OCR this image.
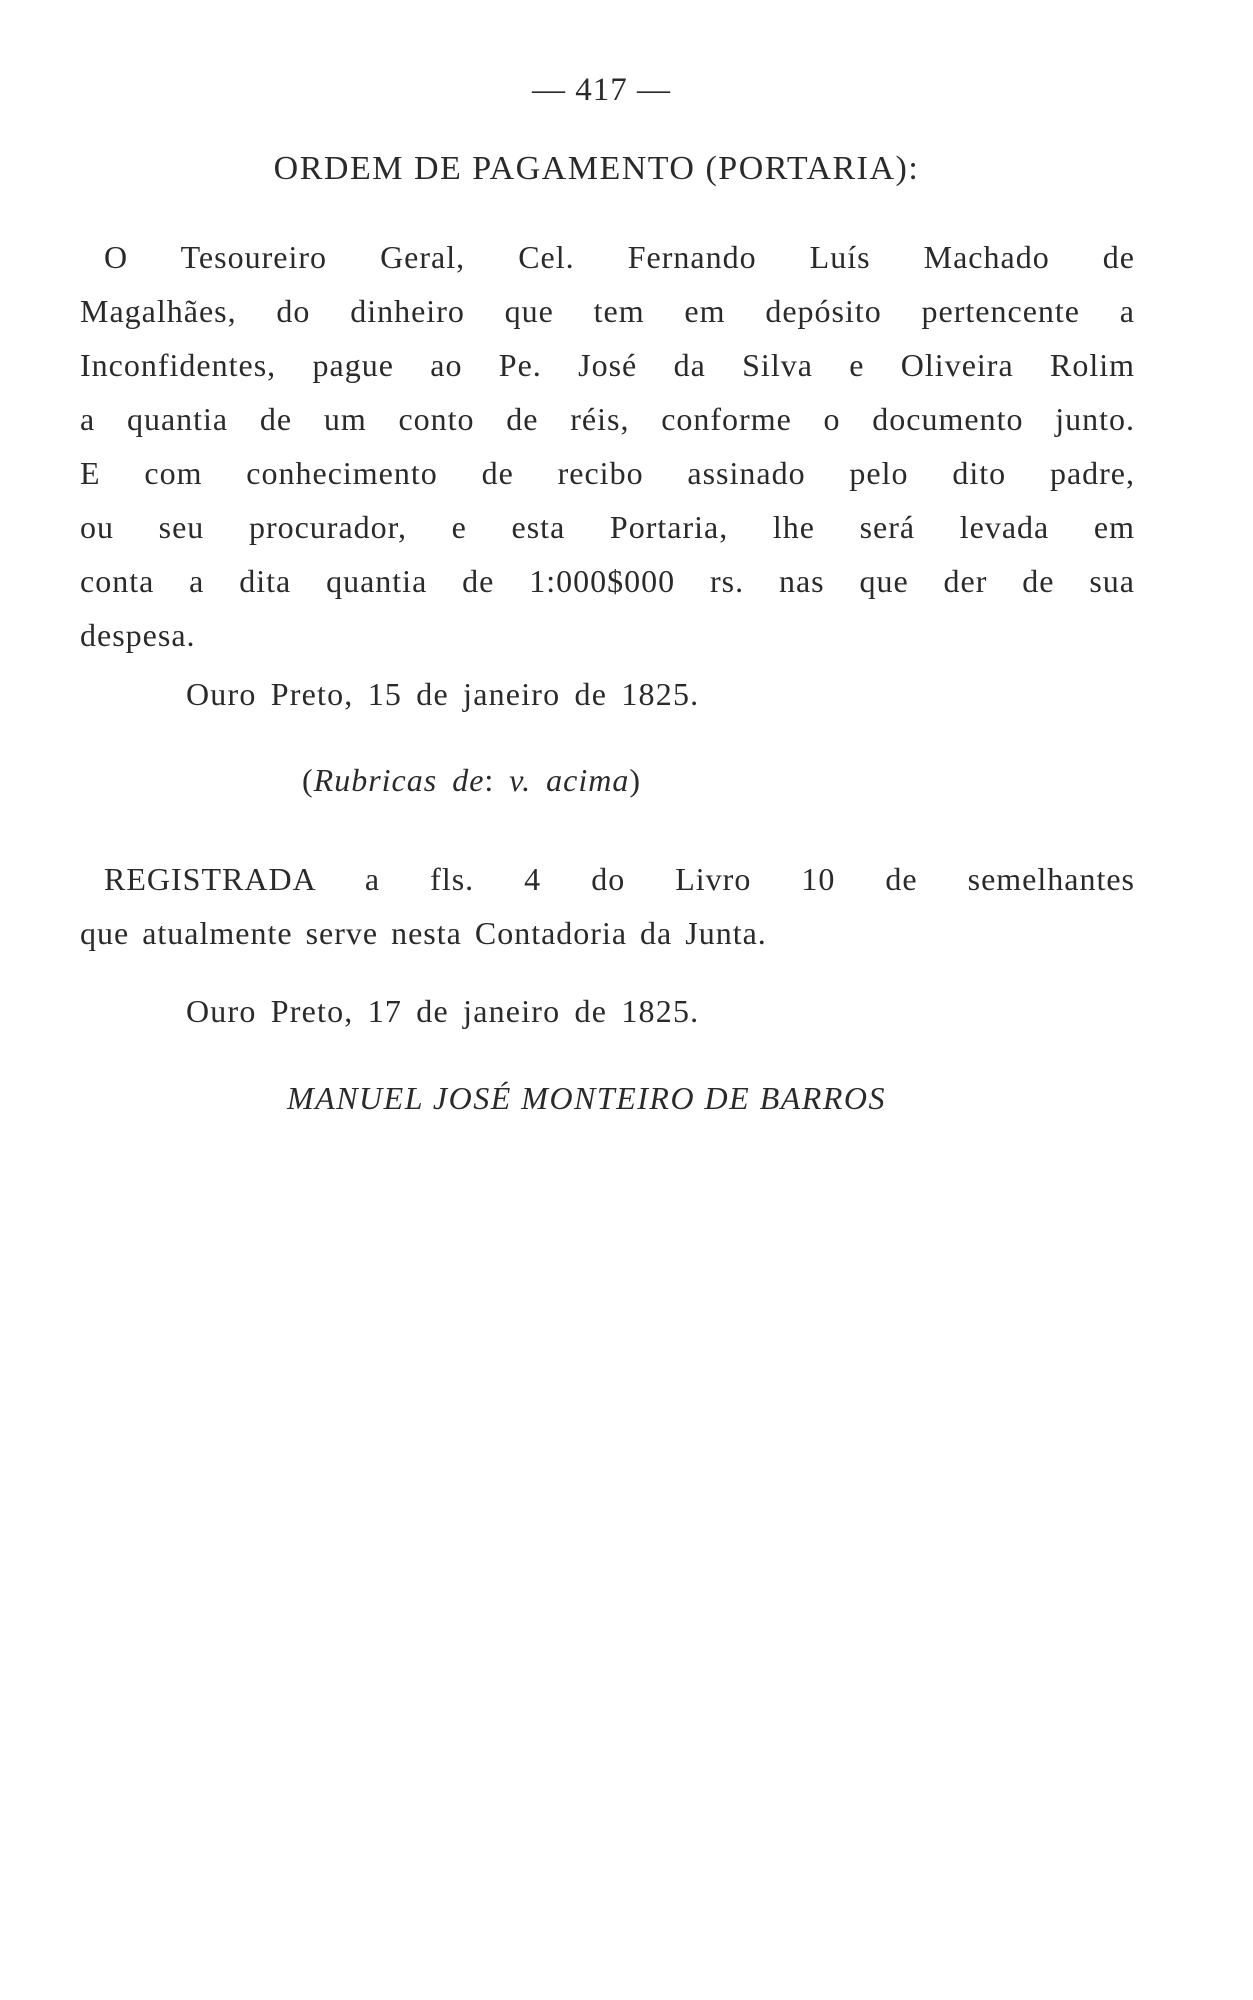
— 417 —
ORDEM DE PAGAMENTO (PORTARIA):
O Tesoureiro Geral, Cel. Fernando Luís Machado de
Magalhães, do dinheiro que tem em depósito pertencente a
Inconfidentes, pague ao Pe. José da Silva e Oliveira Rolim
a quantia de um conto de réis, conforme o documento junto.
E com conhecimento de recibo assinado pelo dito padre,
ou seu procurador, e esta Portaria, lhe será levada em
conta a dita quantia de 1:000$000 rs. nas que der de sua
despesa.
Ouro Preto, 15 de janeiro de 1825.
(Rubricas de: v. acima)
REGISTRADA a fls. 4 do Livro 10 de semelhantes
que atualmente serve nesta Contadoria da Junta.
Ouro Preto, 17 de janeiro de 1825.
MANUEL JOSÉ MONTEIRO DE BARROS
